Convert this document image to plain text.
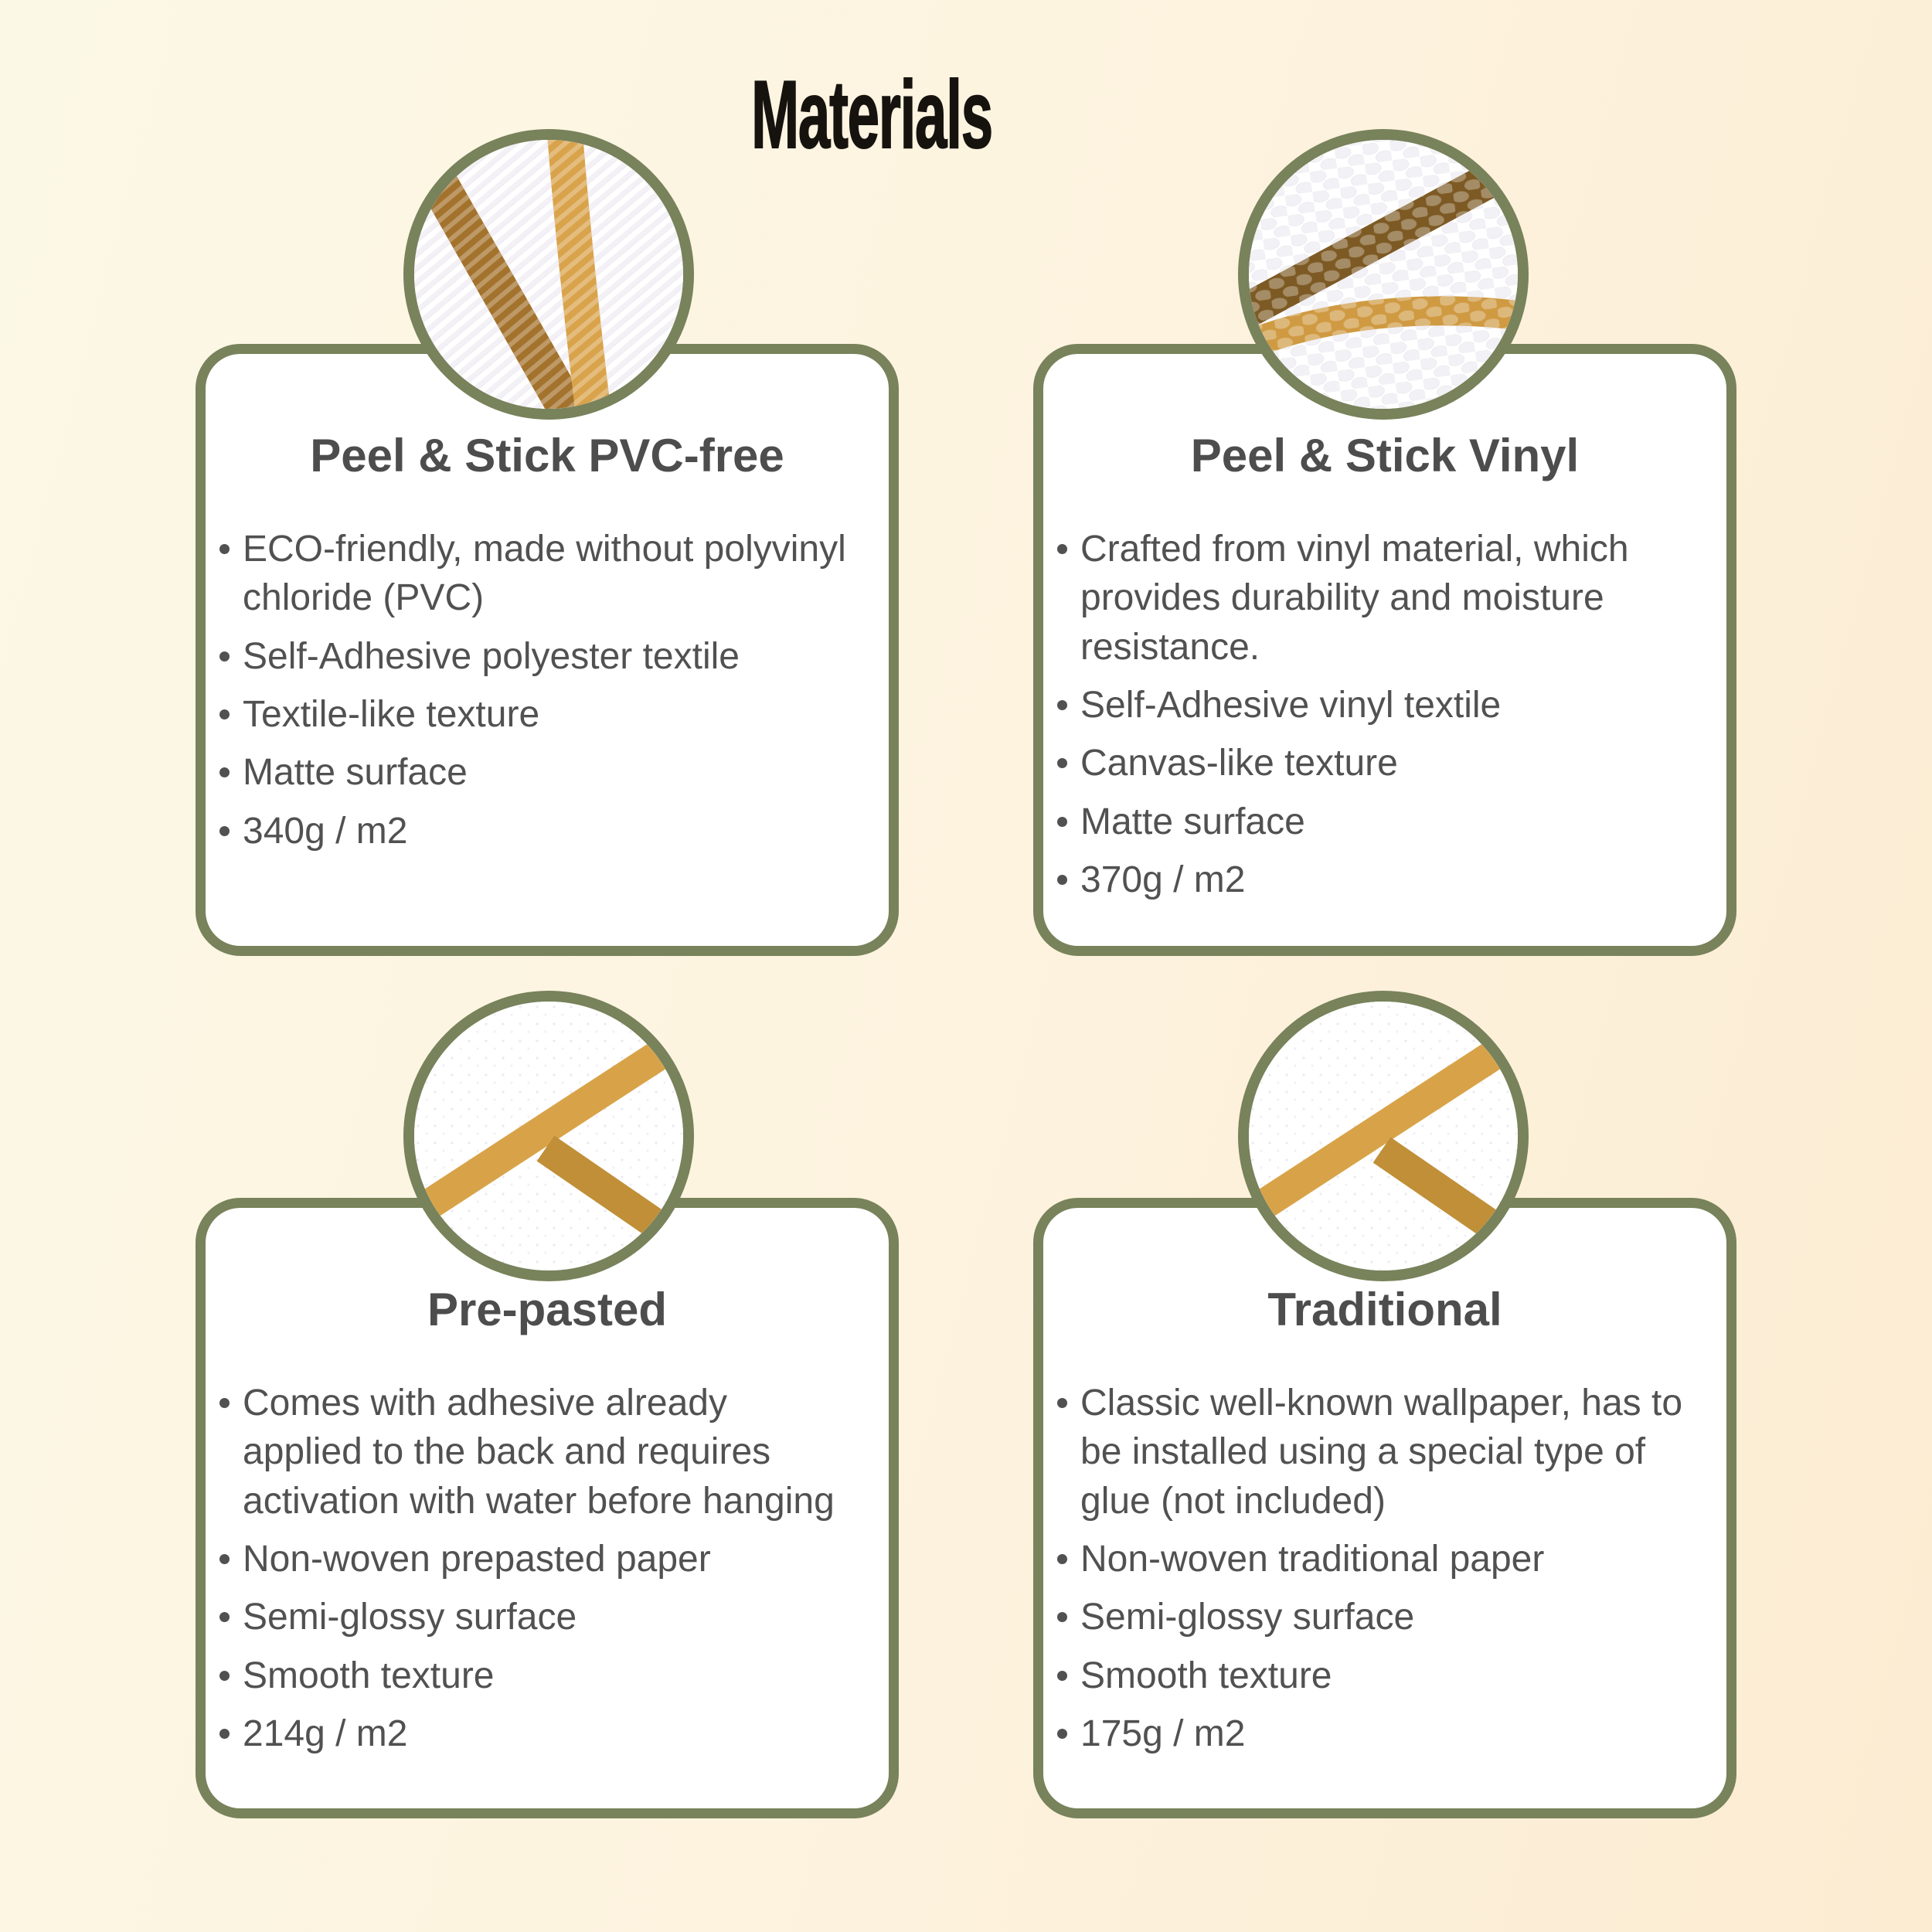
Materials
Peel & Stick PVC-free
ECO-friendly, made without polyvinyl chloride (PVC)
Self-Adhesive polyester textile
Textile-like texture
Matte surface
340g / m2
Peel & Stick Vinyl
Crafted from vinyl material, which provides durability and moisture resistance.
Self-Adhesive vinyl textile
Canvas-like texture
Matte surface
370g / m2
Pre-pasted
Comes with adhesive already applied to the back and requires activation with water before hanging
Non-woven prepasted paper
Semi-glossy surface
Smooth texture
214g / m2
Traditional
Classic well-known wallpaper, has to be installed using a special type of glue (not included)
Non-woven traditional paper
Semi-glossy surface
Smooth texture
175g / m2
